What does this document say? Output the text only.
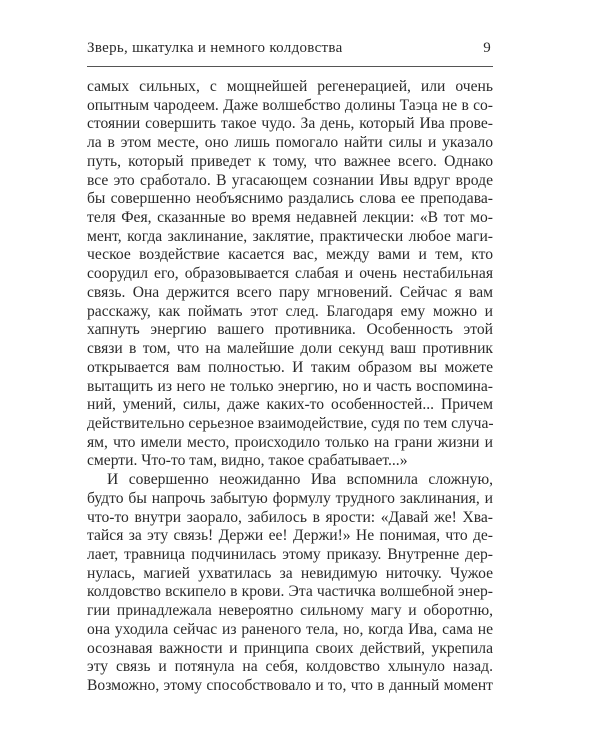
Зверь, шкатулка и немного колдовства	9
самых сильных, с мощнейшей регенерацией, или очень
опытным чародеем. Даже волшебство долины Таэца не в со-
стоянии совершить такое чудо. За день, который Ива прове-
ла в этом месте, оно лишь помогало найти силы и указало
путь, который приведет к тому, что важнее всего. Однако
все это сработало. В угасающем сознании Ивы вдруг вроде
бы совершенно необъяснимо раздались слова ее преподава-
теля Фея, сказанные во время недавней лекции: «В тот мо-
мент, когда заклинание, заклятие, практически любое маги-
ческое воздействие касается вас, между вами и тем, кто
соорудил его, образовывается слабая и очень нестабильная
связь. Она держится всего пару мгновений. Сейчас я вам
расскажу, как поймать этот след. Благодаря ему можно и
хапнуть энергию вашего противника. Особенность этой
связи в том, что на малейшие доли секунд ваш противник
открывается вам полностью. И таким образом вы можете
вытащить из него не только энергию, но и часть воспомина-
ний, умений, силы, даже каких-то особенностей... Причем
действительно серьезное взаимодействие, судя по тем случа-
ям, что имели место, происходило только на грани жизни и
смерти. Что-то там, видно, такое срабатывает...»
И совершенно неожиданно Ива вспомнила сложную,
будто бы напрочь забытую формулу трудного заклинания, и
что-то внутри заорало, забилось в ярости: «Давай же! Хва-
тайся за эту связь! Держи ее! Держи!» Не понимая, что де-
лает, травница подчинилась этому приказу. Внутренне дер-
нулась, магией ухватилась за невидимую ниточку. Чужое
колдовство вскипело в крови. Эта частичка волшебной энер-
гии принадлежала невероятно сильному магу и оборотню,
она уходила сейчас из раненого тела, но, когда Ива, сама не
осознавая важности и принципа своих действий, укрепила
эту связь и потянула на себя, колдовство хлынуло назад.
Возможно, этому способствовало и то, что в данный момент
